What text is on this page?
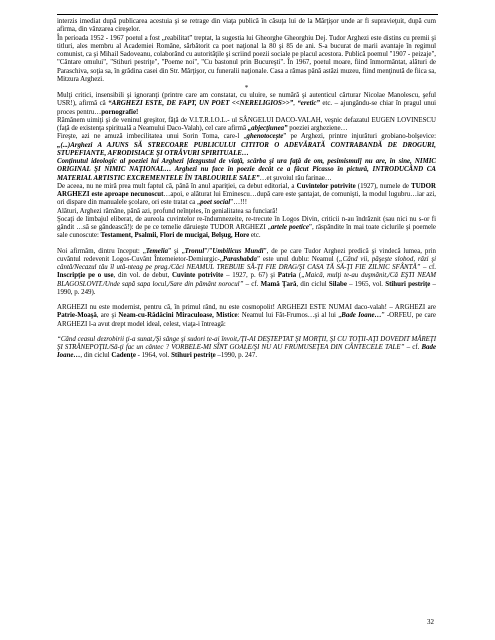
interzis imediat după publicarea acestuia şi se retrage din viaţa publică în căsuţa lui de la Mărţişor unde ar fi supravieţuit, după cum afirma, din vânzarea cireşelor.

În perioada 1952 - 1967 poetul a fost „reabilitat” treptat, la sugestia lui Gheorghe Gheorghiu Dej. Tudor Arghezi este distins cu premii şi titluri, ales membru al Academiei Române, sărbătorit ca poet naţional la 80 şi 85 de ani. S-a bucurat de marii avantaje în regimul comunist, ca şi Mihail Sadoveanu, colaborând cu autorităţile şi scriind poezii sociale pe placul acestora. Publică poemul "1907 - peizaje", "Cântare omului", "Stihuri pestriţe", "Poeme noi", "Cu bastonul prin Bucureşti". În 1967, poetul moare, fiind înmormântat, alături de Paraschiva, soţia sa, în grădina casei din Str. Mărţişor, cu funeralii naţionale. Casa a rămas până astăzi muzeu, fiind menţinută de fiica sa, Mitzura Arghezi.

*

Mulţi critici, insensibili şi ignoranţi (printre care am constatat, cu uluire, se numără şi autenticul cărturar Nicolae Manolescu, şeful USR!), afirmă că “ARGHEZI ESTE, DE FAPT, UN POET <<NERELIGIOS>>”, “eretic” etc. – ajungându-se chiar în pragul unui proces pentru…pornografie!

Rămânem uimiţi şi de veninul greşitor, făţă de V.I.T.R.I.O.L.- ul SÂNGELUI DACO-VALAH, veşnic defazatul EUGEN LOVINESCU (faţă de existenţa spirituală a Neamului Daco-Valah), cel care afirmă „abjecţiunea” poeziei argheziene…

Fireşte, azi ne amuză imbecilitatea unui Sorin Toma, care-l „ghenotocește” pe Arghezi, printre injurături grobiano-bolşevice: „(...)Arghezi A AJUNS SĂ STRECOARE PUBLICULUI CITITOR O ADEVĂRATĂ CONTRABANDĂ DE DROGURI, STUPEFIANTE, AFRODISIACE ŞI OTRĂVURI SPIRITUALE…

Conţinutul ideologic al poeziei lui Arghezi [dezgustul de viaţă, scârba şi ura faţă de om, pesimismul] nu are, în sine, NIMIC ORIGINAL ŞI NIMIC NAŢIONAL… Arghezi nu face în poezie decât ce a făcut Picasso în pictură, INTRODUCÂND CA MATERIAL ARTISTIC EXCREMENTELE ÎN TABLOURILE SALE”…et şuvoiul rău farinae…

De aceea, nu ne miră prea mult faptul că, până în anul apariţiei, ca debut editorial, a Cuvintelor potrivite (1927), numele de TUDOR ARGHEZI este aproape necunoscut…apoi, e alăturat lui Eminescu…după care este şantajat, de comunişti, la modul lugubru…iar azi, ori dispare din manualele şcolare, ori este tratat ca „poet social”…!!!

Alături, Arghezi rămâne, până azi, profund neînţeles, în genialitatea sa funciară!

Şocaţi de limbajul eliberat, de aureola cuvintelor re-îndumnezeite, re-trecute în Logos Divin, criticii n-au îndrăznit (sau nici nu s-or fi gândit …să se gândească!): de pe ce temelie dăruieşte TUDOR ARGHEZI „artele poetice”, răspândite în mai toate ciclurile şi poemele sale cunoscute: Testament, Psalmii, Flori de mucigai, Belşug, Hore etc.

Noi afirmăm, dintru început: „Temelia” şi „Tronul”/”Umbilicus Mundi”, de pe care Tudor Arghezi predică şi vindecă lumea, prin cuvântul redevenit Logos-Cuvânt Întemeietor-Demiurgic-„Parashabda” este unul dublu: Neamul („Când vii, păşeşte slobod, râzi şi cântă/Necazul tău îl ută-nteag pe prag./Căci NEAMUL TREBUIE SĂ-ŢI FIE DRAG/ŞI CASA TĂ SĂ-ŢI FIE ZILNIC SFÂNTĂ” – cf. Inscripţie pe o use, din vol. de debut, Cuvinte potrivite – 1927, p. 67) şi Patria („Maică, mulţi te-au duşmănit,/Că EŞTI NEAM BLAGOSLOVIT./Unde sapă sapa locul,/Sare din pământ norocul” – cf. Mamă Ţară, din ciclul Silabe – 1965, vol. Stihuri pestriţe – 1990, p. 249).

ARGHEZI nu este modernist, pentru că, în primul rând, nu este cosmopolit! ARGHEZI ESTE NUMAI daco-valah! – ARGHEZI are Patrie-Moaşă, are şi Neam-cu-Rădăcini Miraculoase, Mistice: Neamul lui Făt-Frumos…şi al lui „Bade Ioane…” -ORFEU, pe care ARGHEZI l-a avut drept model ideal, celest, viaţa-i întreagă:

“Când ceasul dezrobirii ţi-a sunat,/Şi sânge şi sudori te-ai învoit,/ŢI-AI DEŞTEPTAT ŞI MORŢII, ŞI CU TOŢII-AŢI DOVEDIT MĂREŢI ŞI STRĂNEPOŢII./Să-ţi fac un cântec ? VORBELE-MI SÎNT GOALE/ŞI NU AU FRUMUSEŢEA DIN CÂNTECELE TALE” – cf. Bade Ioane…, din ciclul Cadenţe - 1964, vol. Stihuri pestriţe –1990, p. 247.

32
